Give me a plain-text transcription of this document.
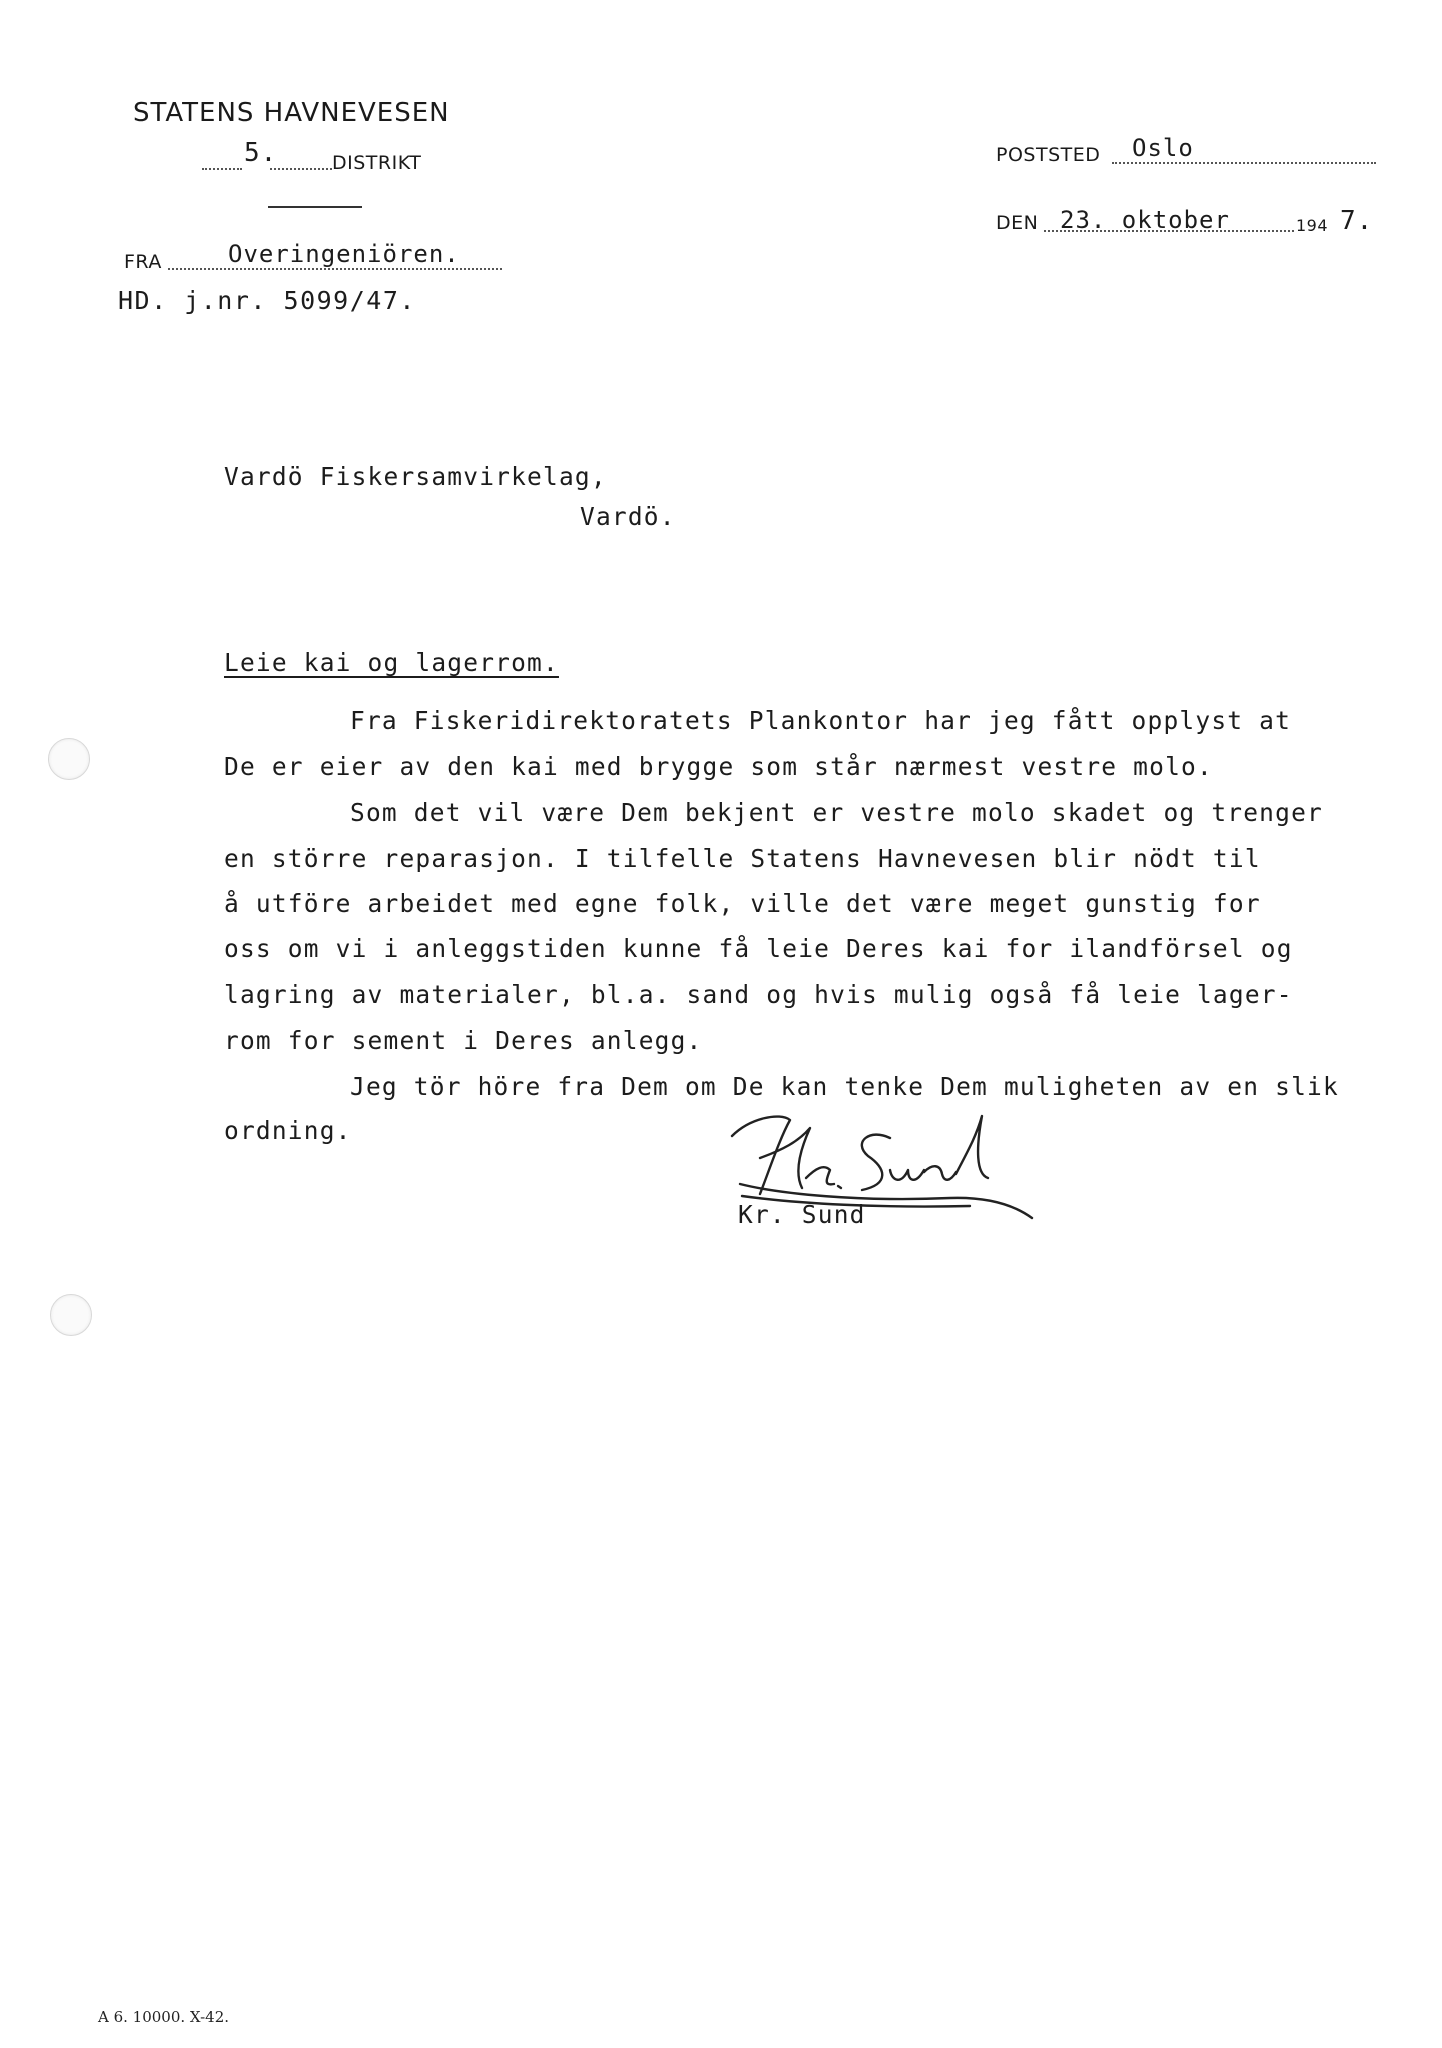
STATENS HAVNEVESEN
5.	DISTRIKT
FRA	Overingeniören.
HD. j.nr. 5099/47.
POSTSTED Oslo
DEN 23. oktober	194 7.
Vardö Fiskersamvirkelag,
Vardö.
Leie kai og lagerrom.
Fra Fiskeridirektoratets Plankontor har jeg fått opplyst at
De er eier av den kai med brygge som står nærmest vestre molo.
Som det vil være Dem bekjent er vestre molo skadet og trenger
en större reparasjon. I tilfelle Statens Havnevesen blir nödt til
å utföre arbeidet med egne folk, ville det være meget gunstig for
oss om vi i anleggstiden kunne få leie Deres kai for ilandförsel og
lagring av materialer, bl.a. sand og hvis mulig også få leie lager-
rom for sement i Deres anlegg.
Jeg tör höre fra Dem om De kan tenke Dem muligheten av en slik
ordning.
Kr. Sund
A 6. 10000. X-42.
